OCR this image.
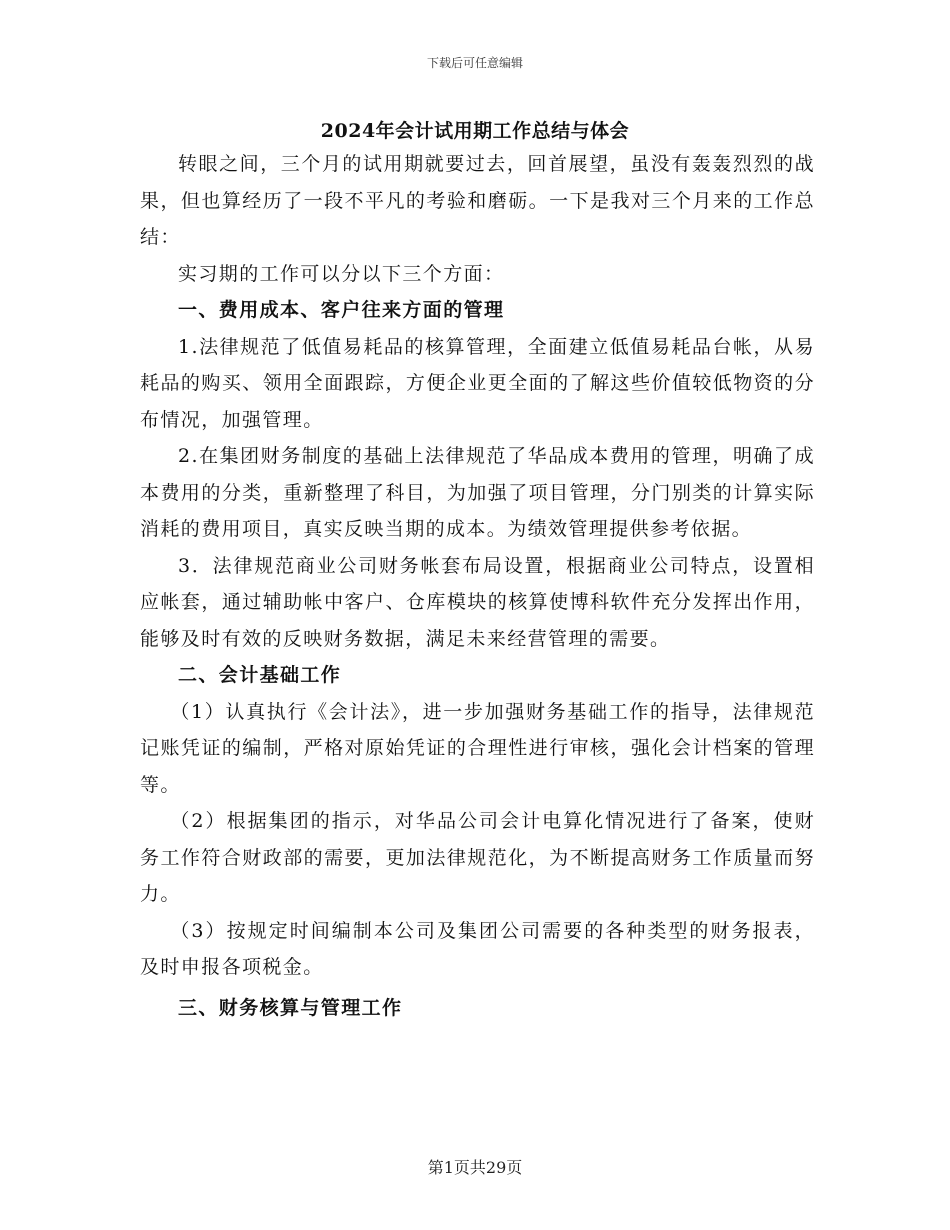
下载后可任意编辑
2024年会计试用期工作总结与体会

转眼之间，三个月的试用期就要过去，回首展望，虽没有轰轰烈烈的战果，但也算经历了一段不平凡的考验和磨砺。一下是我对三个月来的工作总结：

实习期的工作可以分以下三个方面：

一、费用成本、客户往来方面的管理

1.法律规范了低值易耗品的核算管理，全面建立低值易耗品台帐，从易耗品的购买、领用全面跟踪，方便企业更全面的了解这些价值较低物资的分布情况，加强管理。

2.在集团财务制度的基础上法律规范了华品成本费用的管理，明确了成本费用的分类，重新整理了科目，为加强了项目管理，分门别类的计算实际消耗的费用项目，真实反映当期的成本。为绩效管理提供参考依据。

3．法律规范商业公司财务帐套布局设置，根据商业公司特点，设置相应帐套，通过辅助帐中客户、仓库模块的核算使博科软件充分发挥出作用，能够及时有效的反映财务数据，满足未来经营管理的需要。

二、会计基础工作

（1）认真执行《会计法》，进一步加强财务基础工作的指导，法律规范记账凭证的编制，严格对原始凭证的合理性进行审核，强化会计档案的管理等。

（2）根据集团的指示，对华品公司会计电算化情况进行了备案，使财务工作符合财政部的需要，更加法律规范化，为不断提高财务工作质量而努力。

（3）按规定时间编制本公司及集团公司需要的各种类型的财务报表，及时申报各项税金。

三、财务核算与管理工作

第1页共29页
